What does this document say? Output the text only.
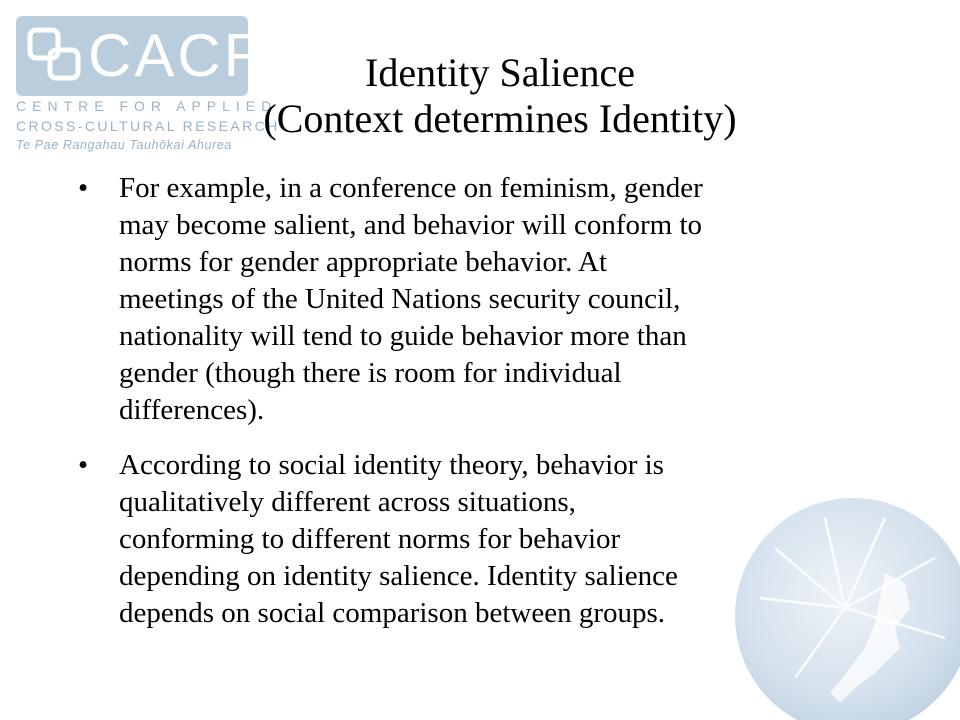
CACR
CENTRE FOR APPLIED
CROSS-CULTURAL RESEARCH
Te Pae Rangahau Tauhōkai Ahurea
Identity Salience
(Context determines Identity)
• For example, in a conference on feminism, gender
may become salient, and behavior will conform to
norms for gender appropriate behavior. At
meetings of the United Nations security council,
nationality will tend to guide behavior more than
gender (though there is room for individual
differences).
• According to social identity theory, behavior is
qualitatively different across situations,
conforming to different norms for behavior
depending on identity salience. Identity salience
depends on social comparison between groups.
